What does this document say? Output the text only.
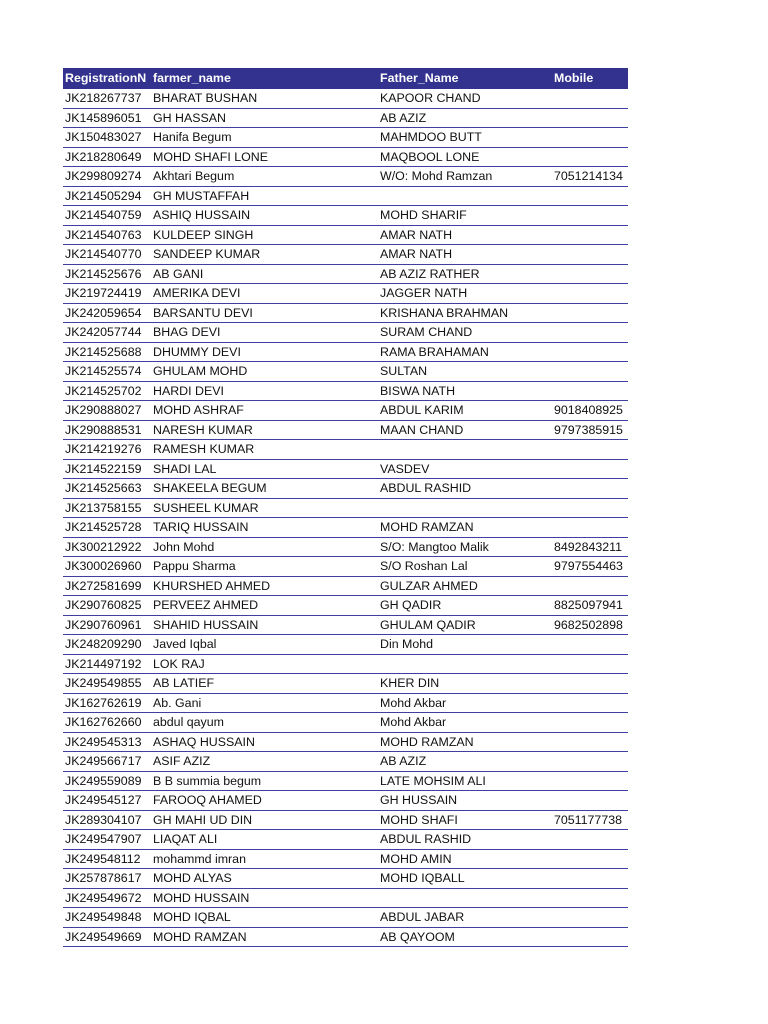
RegistrationN farmer_name	Father_Name	Mobile
JK218267737 BHARAT BUSHAN	KAPOOR CHAND
JK145896051 GH HASSAN	AB AZIZ
JK150483027 Hanifa Begum	MAHMDOO BUTT
JK218280649 MOHD SHAFI LONE	MAQBOOL LONE
JK299809274 Akhtari Begum	W/O: Mohd Ramzan	7051214134
JK214505294 GH MUSTAFFAH
JK214540759 ASHIQ HUSSAIN	MOHD SHARIF
JK214540763 KULDEEP SINGH	AMAR NATH
JK214540770 SANDEEP KUMAR	AMAR NATH
JK214525676 AB GANI	AB AZIZ RATHER
JK219724419 AMERIKA DEVI	JAGGER NATH
JK242059654 BARSANTU DEVI	KRISHANA BRAHMAN
JK242057744 BHAG DEVI	SURAM CHAND
JK214525688 DHUMMY DEVI	RAMA BRAHAMAN
JK214525574 GHULAM MOHD	SULTAN
JK214525702 HARDI DEVI	BISWA NATH
JK290888027 MOHD ASHRAF	ABDUL KARIM	9018408925
JK290888531 NARESH KUMAR	MAAN CHAND	9797385915
JK214219276 RAMESH KUMAR
JK214522159 SHADI LAL	VASDEV
JK214525663 SHAKEELA BEGUM	ABDUL RASHID
JK213758155 SUSHEEL KUMAR
JK214525728 TARIQ HUSSAIN	MOHD RAMZAN
JK300212922 John Mohd	S/O: Mangtoo Malik	8492843211
JK300026960 Pappu Sharma	S/O Roshan Lal	9797554463
JK272581699 KHURSHED AHMED	GULZAR AHMED
JK290760825 PERVEEZ AHMED	GH QADIR	8825097941
JK290760961 SHAHID HUSSAIN	GHULAM QADIR	9682502898
JK248209290 Javed Iqbal	Din Mohd
JK214497192 LOK RAJ
JK249549855 AB LATIEF	KHER DIN
JK162762619 Ab. Gani	Mohd Akbar
JK162762660 abdul qayum	Mohd Akbar
JK249545313 ASHAQ HUSSAIN	MOHD RAMZAN
JK249566717 ASIF AZIZ	AB AZIZ
JK249559089 B B summia begum	LATE MOHSIM ALI
JK249545127 FAROOQ AHAMED	GH HUSSAIN
JK289304107 GH MAHI UD DIN	MOHD SHAFI	7051177738
JK249547907 LIAQAT ALI	ABDUL RASHID
JK249548112	mohammd imran	MOHD AMIN
JK257878617 MOHD ALYAS	MOHD IQBALL
JK249549672 MOHD HUSSAIN
JK249549848 MOHD IQBAL	ABDUL JABAR
JK249549669 MOHD RAMZAN	AB QAYOOM
